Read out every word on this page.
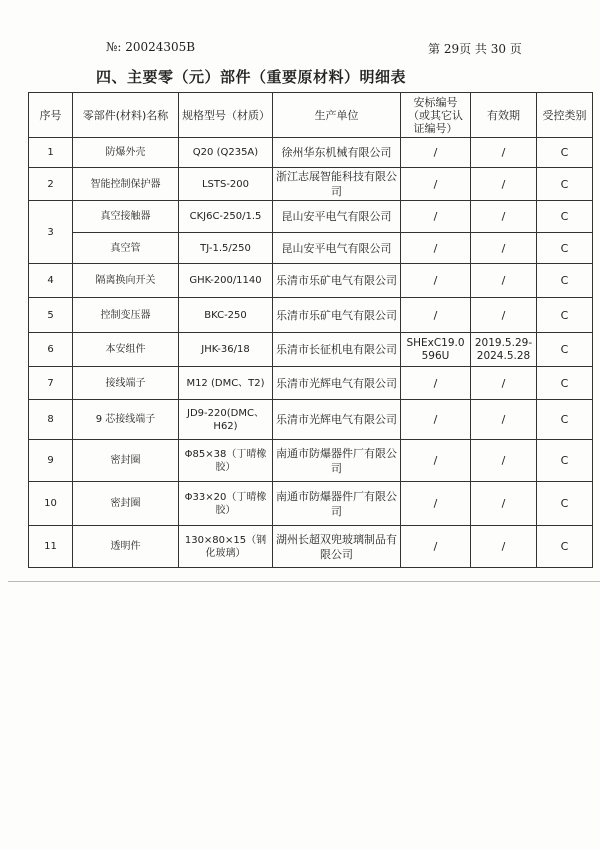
№: 20024305B	第 29页 共 30 页
四、主要零（元）部件（重要原材料）明细表
序号	零部件(材料)名称	规格型号（材质）	生产单位	安标编号（或其它认证编号）	有效期	受控类别
1	防爆外壳	Q20 (Q235A)	徐州华东机械有限公司	/	/	C
2	智能控制保护器	LSTS-200	浙江志展智能科技有限公司	/	/	C
3	真空接触器	CKJ6C-250/1.5	昆山安平电气有限公司	/	/	C
	真空管	TJ-1.5/250	昆山安平电气有限公司	/	/	C
4	隔离换向开关	GHK-200/1140	乐清市乐矿电气有限公司	/	/	C
5	控制变压器	BKC-250	乐清市乐矿电气有限公司	/	/	C
6	本安组件	JHK-36/18	乐清市长征机电有限公司	SHExC19.0596U	2019.5.29-2024.5.28	C
7	接线端子	M12 (DMC、T2)	乐清市光辉电气有限公司	/	/	C
8	9 芯接线端子	JD9-220(DMC、H62)	乐清市光辉电气有限公司	/	/	C
9	密封圈	Φ85×38（丁晴橡胶）	南通市防爆器件厂有限公司	/	/	C
10	密封圈	Φ33×20（丁晴橡胶）	南通市防爆器件厂有限公司	/	/	C
11	透明件	130×80×15（钢化玻璃）	湖州长超双兜玻璃制品有限公司	/	/	C
